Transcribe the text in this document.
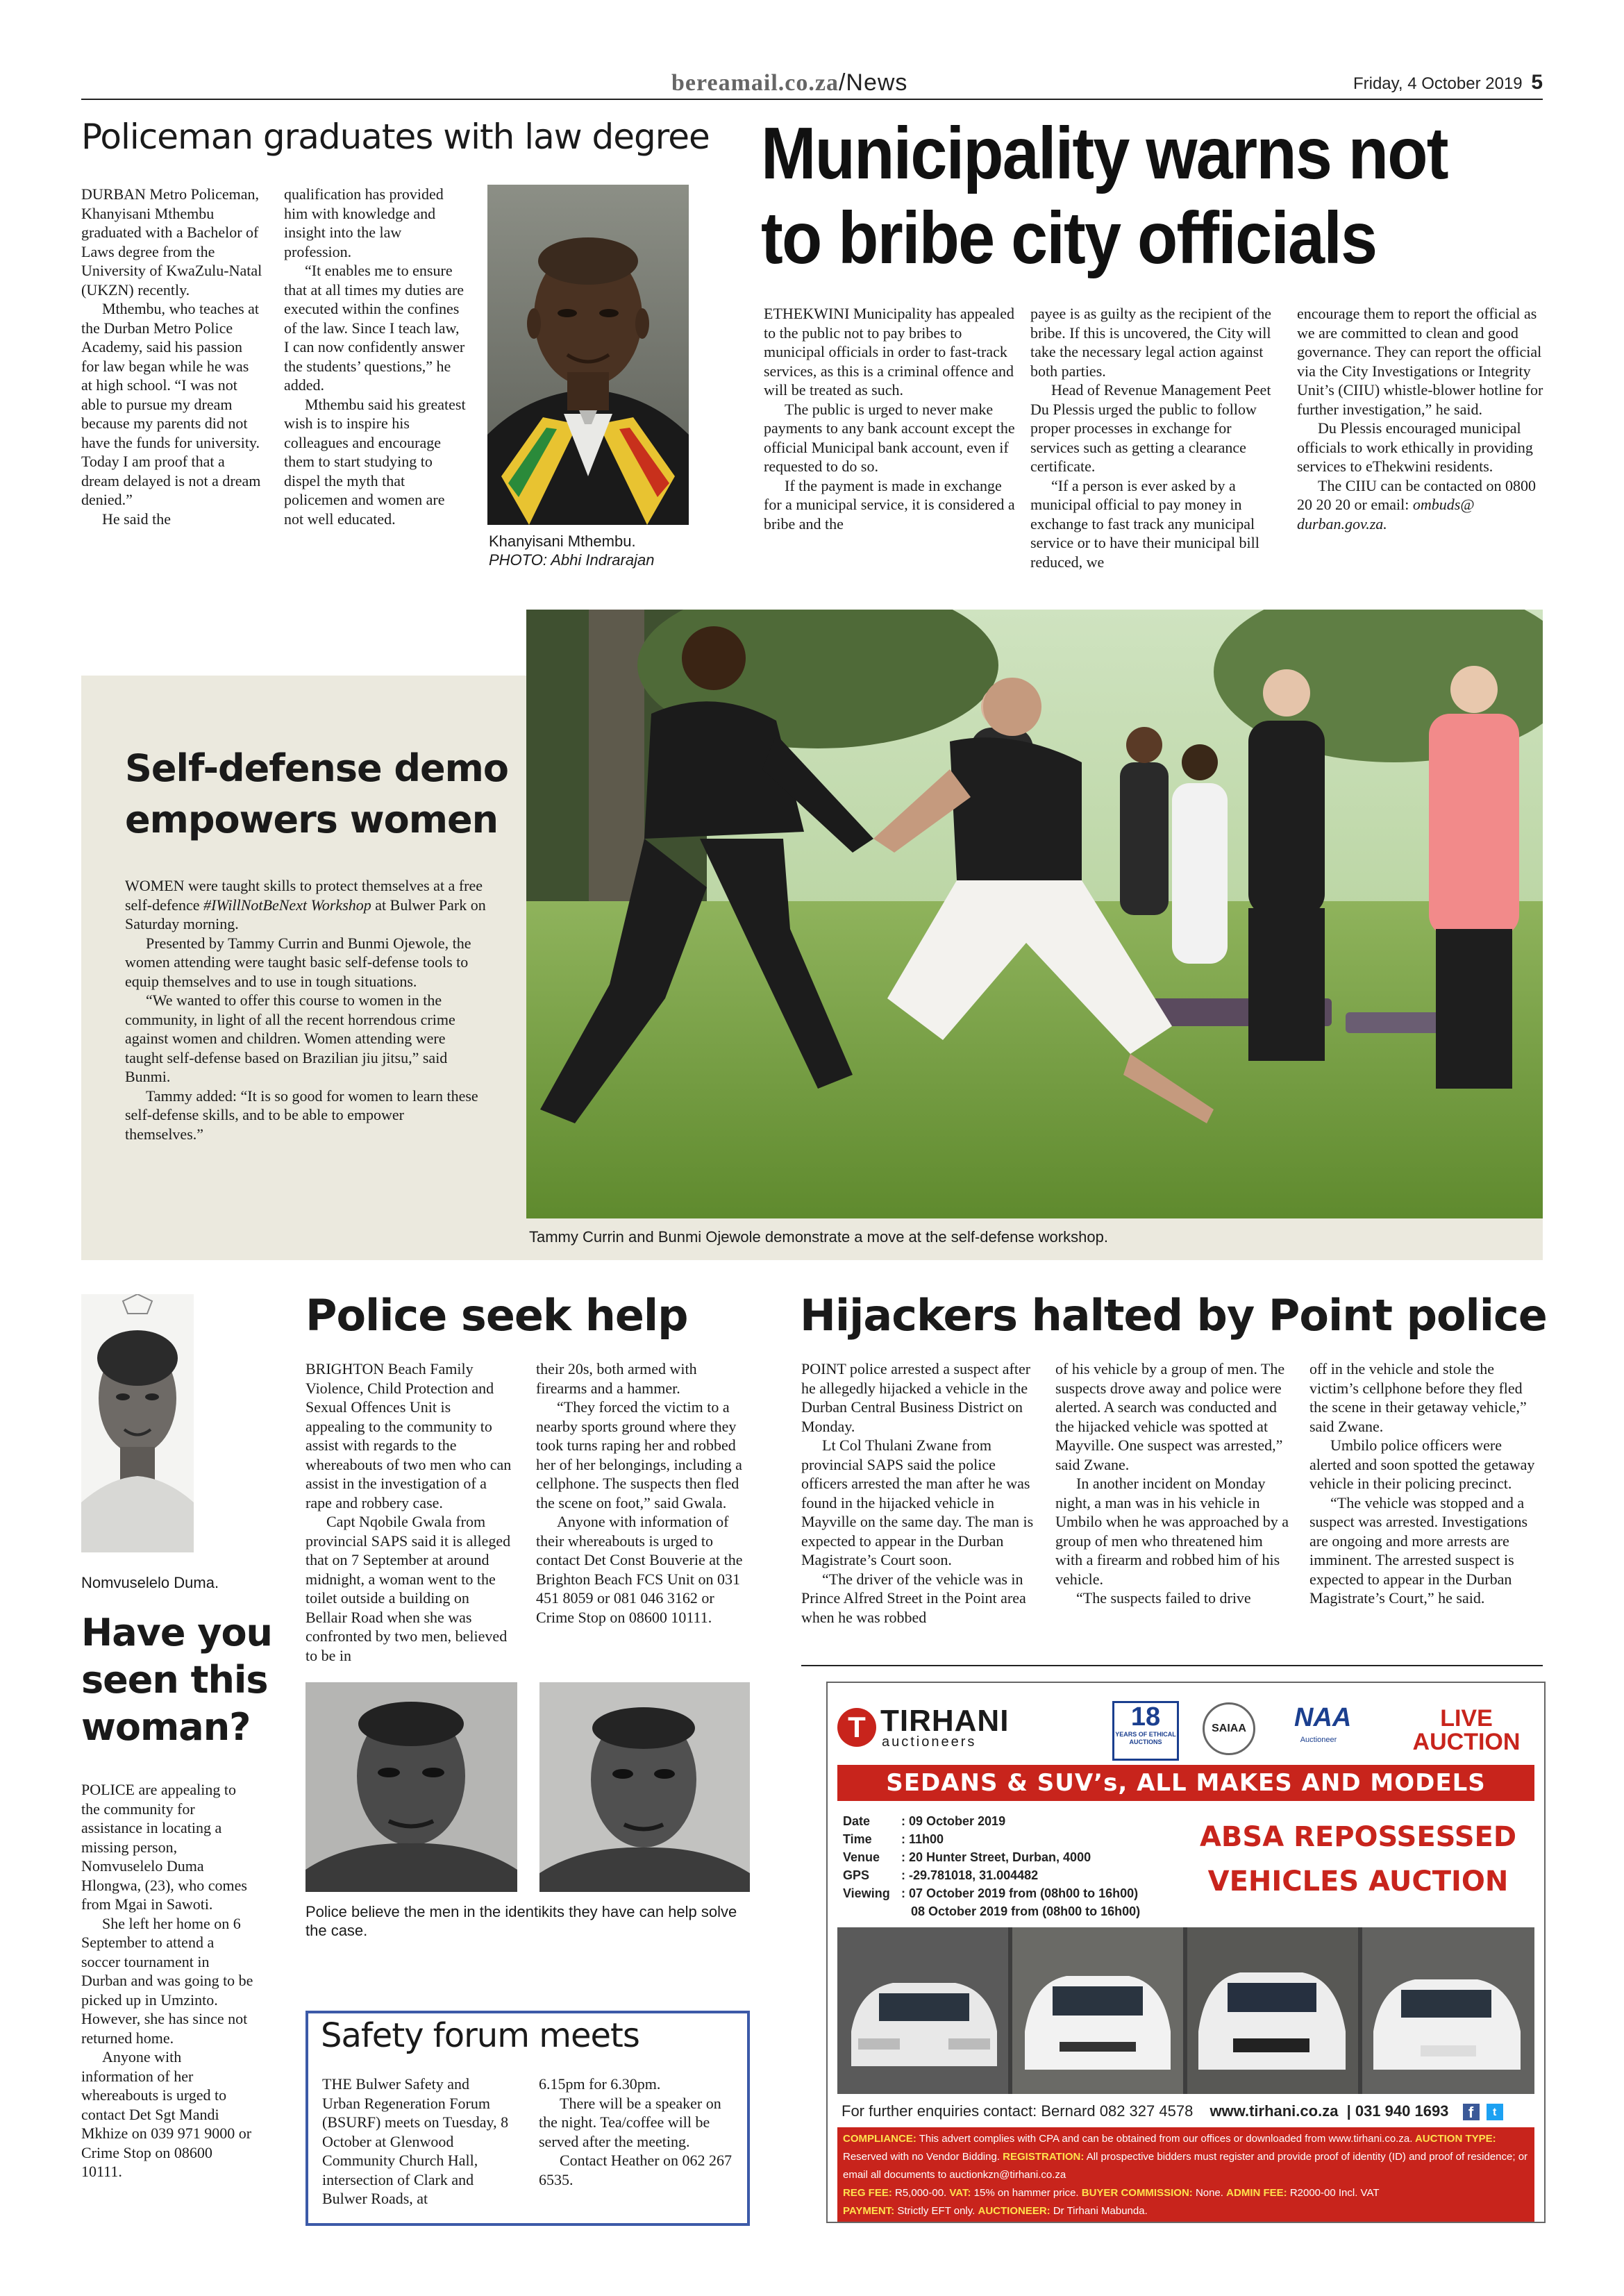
bereamail.co.za/News	Friday, 4 October 2019 5
Policeman graduates with law degree

DURBAN Metro Policeman, Khanyisani Mthembu graduated with a Bachelor of Laws degree from the University of KwaZulu-Natal (UKZN) recently.

Mthembu, who teaches at the Durban Metro Police Academy, said his passion for law began while he was at high school. “I was not able to pursue my dream because my parents did not have the funds for university. Today I am proof that a dream delayed is not a dream denied.”

He said the

qualification has provided him with knowledge and insight into the law profession.

“It enables me to ensure that at all times my duties are executed within the confines of the law. Since I teach law, I can now confidently answer the students’ questions,” he added.

Mthembu said his greatest wish is to inspire his colleagues and encourage them to start studying to dispel the myth that policemen and women are not well educated.

Khanyisani Mthembu.
PHOTO: Abhi Indrarajan
Municipality warns not
to bribe city officials

ETHEKWINI Municipality has appealed to the public not to pay bribes to municipal officials in order to fast-track services, as this is a criminal offence and will be treated as such.

The public is urged to never make payments to any bank account except the official Municipal bank account, even if requested to do so.

If the payment is made in exchange for a municipal service, it is considered a bribe and the

payee is as guilty as the recipient of the bribe. If this is uncovered, the City will take the necessary legal action against both parties.

Head of Revenue Management Peet Du Plessis urged the public to follow proper processes in exchange for services such as getting a clearance certificate.

“If a person is ever asked by a municipal official to pay money in exchange to fast track any municipal service or to have their municipal bill reduced, we

encourage them to report the official as we are committed to clean and good governance. They can report the official via the City Investigations or Integrity Unit’s (CIIU) whistle-blower hotline for further investigation,” he said.

Du Plessis encouraged municipal officials to work ethically in providing services to eThekwini residents.

The CIIU can be contacted on 0800 20 20 20 or email: ombuds@ durban.gov.za.

Self-defense demo
empowers women

WOMEN were taught skills to protect themselves at a free self-defence #IWillNotBeNext Workshop at Bulwer Park on Saturday morning.

Presented by Tammy Currin and Bunmi Ojewole, the women attending were taught basic self-defense tools to equip themselves and to use in tough situations.

“We wanted to offer this course to women in the community, in light of all the recent horrendous crime against women and children. Women attending were taught self-defense based on Brazilian jiu jitsu,” said Bunmi.

Tammy added: “It is so good for women to learn these self-defense skills, and to be able to empower themselves.”

Tammy Currin and Bunmi Ojewole demonstrate a move at the self-defense workshop.
Nomvuselelo Duma.
Have you
seen this
woman?

POLICE are appealing to the community for assistance in locating a missing person, Nomvuselelo Duma Hlongwa, (23), who comes from Mgai in Sawoti.

She left her home on 6 September to attend a soccer tournament in Durban and was going to be picked up in Umzinto. However, she has since not returned home.

Anyone with information of her whereabouts is urged to contact Det Sgt Mandi Mkhize on 039 971 9000 or Crime Stop on 08600 10111.

Police seek help

BRIGHTON Beach Family Violence, Child Protection and Sexual Offences Unit is appealing to the community to assist with regards to the whereabouts of two men who can assist in the investigation of a rape and robbery case.

Capt Nqobile Gwala from provincial SAPS said it is alleged that on 7 September at around midnight, a woman went to the toilet outside a building on Bellair Road when she was confronted by two men, believed to be in

their 20s, both armed with firearms and a hammer.

“They forced the victim to a nearby sports ground where they took turns raping her and robbed her of her belongings, including a cellphone. The suspects then fled the scene on foot,” said Gwala.

Anyone with information of their whereabouts is urged to contact Det Const Bouverie at the Brighton Beach FCS Unit on 031 451 8059 or 081 046 3162 or Crime Stop on 08600 10111.

Police believe the men in the identikits they have can help solve the case.
Safety forum meets

THE Bulwer Safety and Urban Regeneration Forum (BSURF) meets on Tuesday, 8 October at Glenwood Community Church Hall, intersection of Clark and Bulwer Roads, at

6.15pm for 6.30pm.

There will be a speaker on the night. Tea/coffee will be served after the meeting.

Contact Heather on 062 267 6535.

Hijackers halted by Point police

POINT police arrested a suspect after he allegedly hijacked a vehicle in the Durban Central Business District on Monday.

Lt Col Thulani Zwane from provincial SAPS said the police officers arrested the man after he was found in the hijacked vehicle in Mayville on the same day. The man is expected to appear in the Durban Magistrate’s Court soon.

“The driver of the vehicle was in Prince Alfred Street in the Point area when he was robbed

of his vehicle by a group of men. The suspects drove away and police were alerted. A search was conducted and the hijacked vehicle was spotted at Mayville. One suspect was arrested,” said Zwane.

In another incident on Monday night, a man was in his vehicle in Umbilo when he was approached by a group of men who threatened him with a firearm and robbed him of his vehicle.

“The suspects failed to drive

off in the vehicle and stole the victim’s cellphone before they fled the scene in their getaway vehicle,” said Zwane.

Umbilo police officers were alerted and soon spotted the getaway vehicle in their policing precinct.

“The vehicle was stopped and a suspect was arrested. Investigations are ongoing and more arrests are imminent. The arrested suspect is expected to appear in the Durban Magistrate’s Court,” he said.

T TIRHANI
auctioneers
18
YEARS OF ETHICAL AUCTIONS
SAIAA	NAA
Auctioneer
LIVE
AUCTION
SEDANS & SUV’s, ALL MAKES AND MODELS
Date
Time
Venue
GPS
Viewing
: 09 October 2019
: 11h00
: 20 Hunter Street, Durban, 4000
: -29.781018, 31.004482
: 07 October 2019 from (08h00 to 16h00)
08 October 2019 from (08h00 to 16h00)
ABSA REPOSSESSED
VEHICLES AUCTION
For further enquiries contact: Bernard 082 327 4578 www.tirhani.co.za | 031 940 1693 f t
COMPLIANCE: This advert complies with CPA and can be obtained from our offices or downloaded from www.tirhani.co.za. AUCTION TYPE: Reserved with no Vendor Bidding. REGISTRATION: All prospective bidders must register and provide proof of identity (ID) and proof of residence; or email all documents to auctionkzn@tirhani.co.za
REG FEE: R5,000-00. VAT: 15% on hammer price. BUYER COMMISSION: None. ADMIN FEE: R2000-00 Incl. VAT
PAYMENT: Strictly EFT only. AUCTIONEER: Dr Tirhani Mabunda.
